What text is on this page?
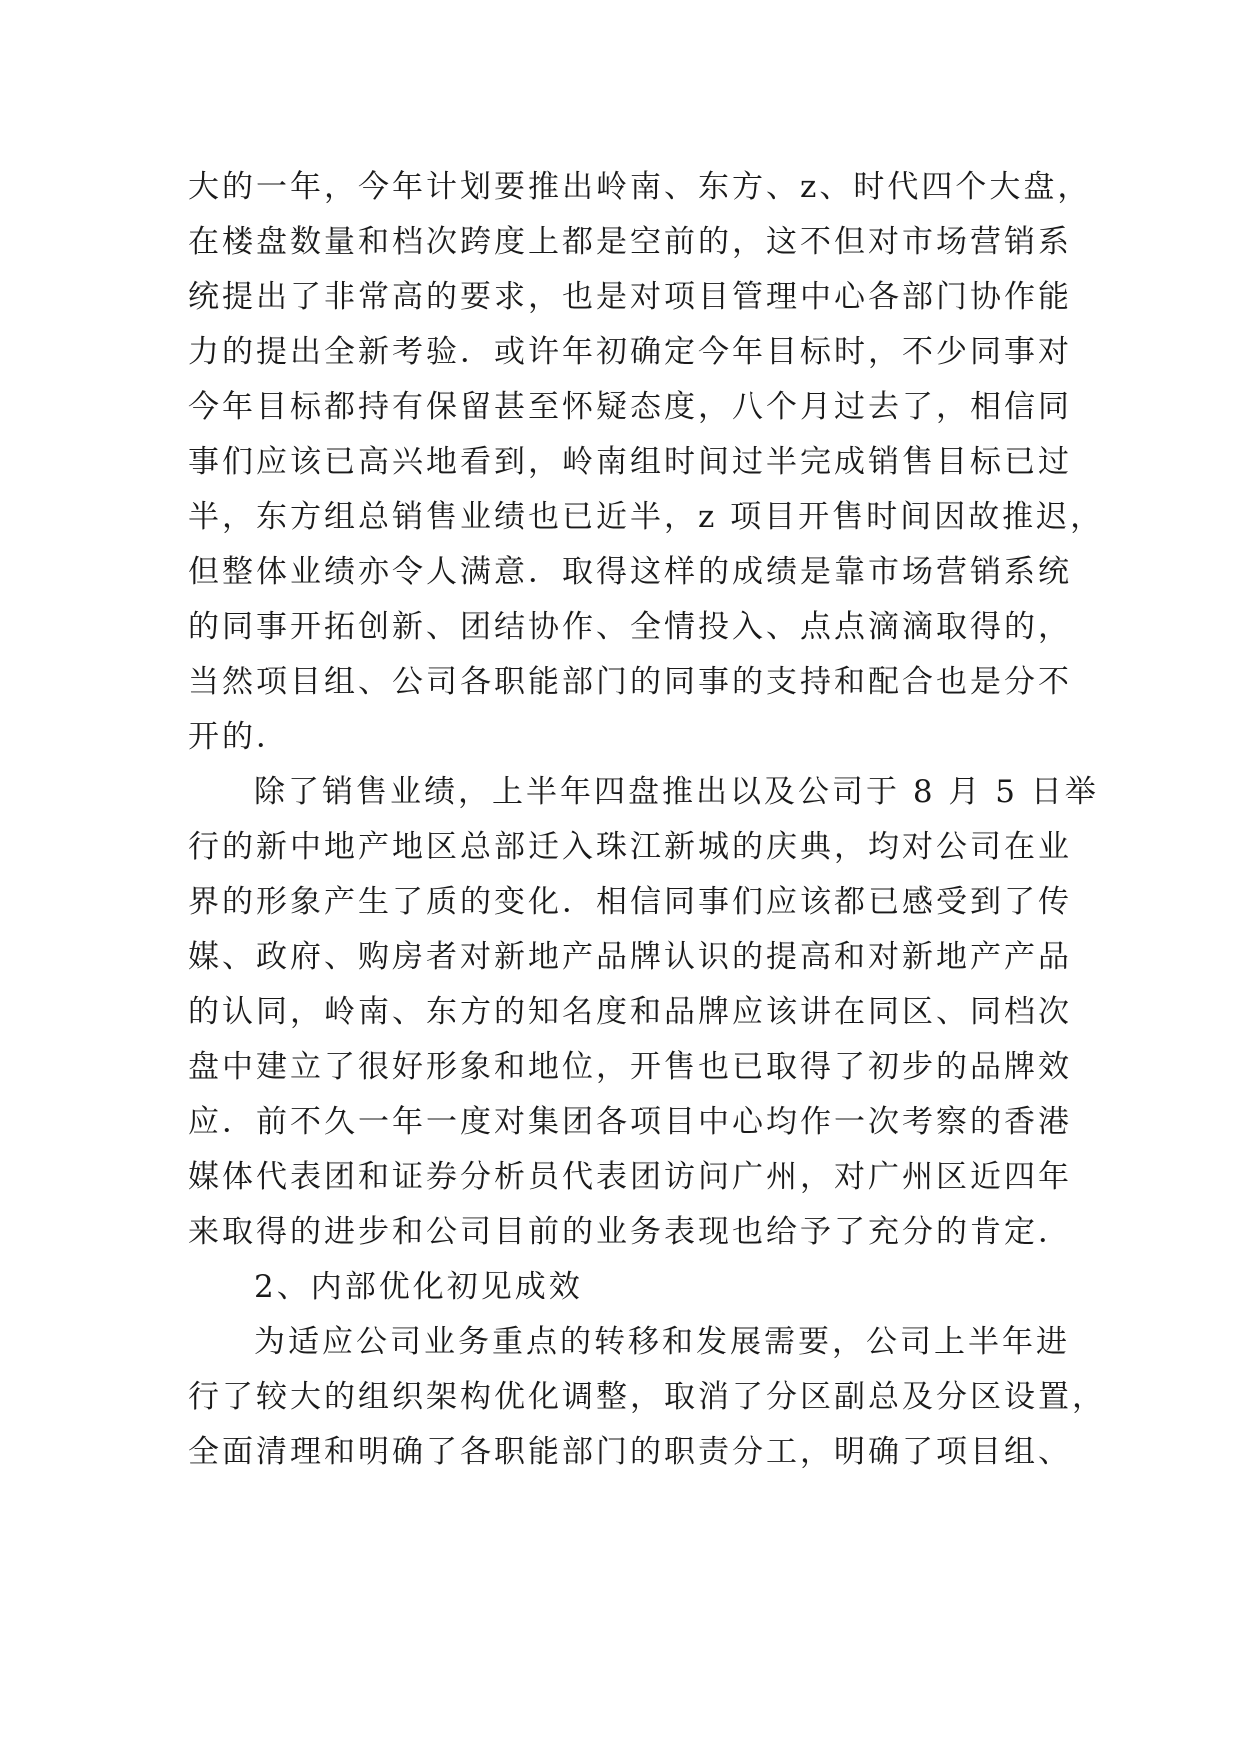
大的一年，今年计划要推出岭南、东方、z、时代四个大盘，
在楼盘数量和档次跨度上都是空前的，这不但对市场营销系
统提出了非常高的要求，也是对项目管理中心各部门协作能
力的提出全新考验．或许年初确定今年目标时，不少同事对
今年目标都持有保留甚至怀疑态度，八个月过去了，相信同
事们应该已高兴地看到，岭南组时间过半完成销售目标已过
半，东方组总销售业绩也已近半，z 项目开售时间因故推迟，
但整体业绩亦令人满意．取得这样的成绩是靠市场营销系统
的同事开拓创新、团结协作、全情投入、点点滴滴取得的，
当然项目组、公司各职能部门的同事的支持和配合也是分不
开的．
除了销售业绩，上半年四盘推出以及公司于 8 月 5 日举
行的新中地产地区总部迁入珠江新城的庆典，均对公司在业
界的形象产生了质的变化．相信同事们应该都已感受到了传
媒、政府、购房者对新地产品牌认识的提高和对新地产产品
的认同，岭南、东方的知名度和品牌应该讲在同区、同档次
盘中建立了很好形象和地位，开售也已取得了初步的品牌效
应．前不久一年一度对集团各项目中心均作一次考察的香港
媒体代表团和证券分析员代表团访问广州，对广州区近四年
来取得的进步和公司目前的业务表现也给予了充分的肯定．
2、内部优化初见成效
为适应公司业务重点的转移和发展需要，公司上半年进
行了较大的组织架构优化调整，取消了分区副总及分区设置，
全面清理和明确了各职能部门的职责分工，明确了项目组、
